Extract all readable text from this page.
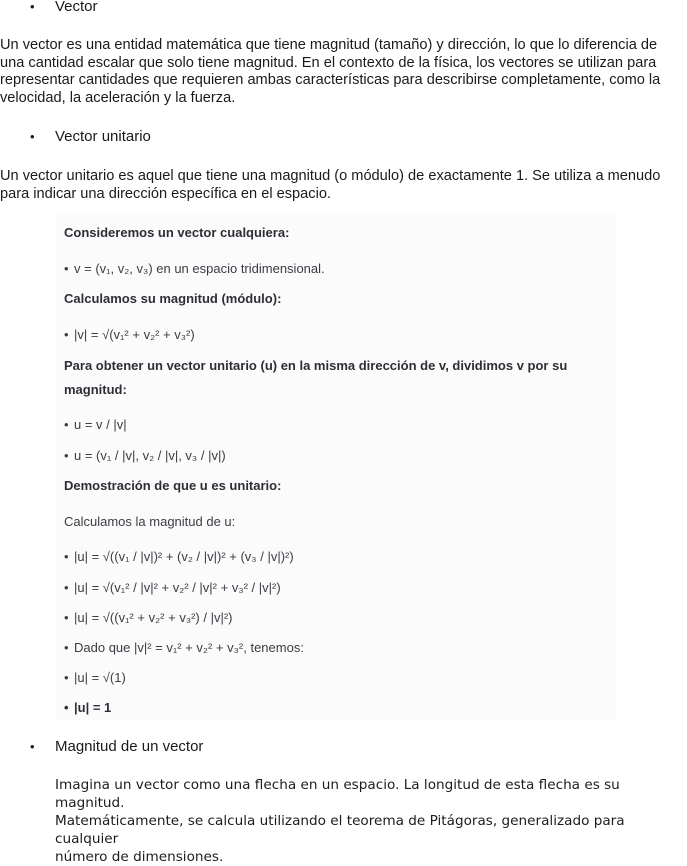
• Vector
Un vector es una entidad matemática que tiene magnitud (tamaño) y dirección, lo que lo diferencia de
una cantidad escalar que solo tiene magnitud. En el contexto de la física, los vectores se utilizan para
representar cantidades que requieren ambas características para describirse completamente, como la
velocidad, la aceleración y la fuerza.
• Vector unitario
Un vector unitario es aquel que tiene una magnitud (o módulo) de exactamente 1. Se utiliza a menudo
para indicar una dirección específica en el espacio.
Consideremos un vector cualquiera:
• v = (v₁, v₂, v₃) en un espacio tridimensional.
Calculamos su magnitud (módulo):
• |v| = √(v₁² + v₂² + v₃²)
Para obtener un vector unitario (u) en la misma dirección de v, dividimos v por su
magnitud:
• u = v / |v|
• u = (v₁ / |v|, v₂ / |v|, v₃ / |v|)
Demostración de que u es unitario:
Calculamos la magnitud de u:
• |u| = √((v₁ / |v|)² + (v₂ / |v|)² + (v₃ / |v|)²)
• |u| = √(v₁² / |v|² + v₂² / |v|² + v₃² / |v|²)
• |u| = √((v₁² + v₂² + v₃²) / |v|²)
• Dado que |v|² = v₁² + v₂² + v₃², tenemos:
• |u| = √(1)
• |u| = 1
• Magnitud de un vector
Imagina un vector como una flecha en un espacio. La longitud de esta flecha es su magnitud.
Matemáticamente, se calcula utilizando el teorema de Pitágoras, generalizado para cualquier
número de dimensiones.
